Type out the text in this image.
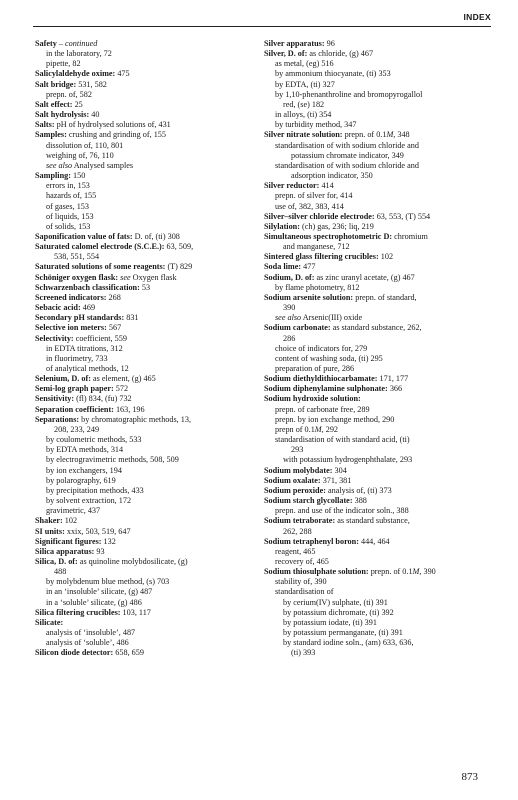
INDEX
Safety – continued
in the laboratory, 72
pipette, 82
Salicylaldehyde oxime: 475
Salt bridge: 531, 582
prepn. of, 582
Salt effect: 25
Salt hydrolysis: 40
Salts: pH of hydrolysed solutions of, 431
Samples: crushing and grinding of, 155
dissolution of, 110, 801
weighing of, 76, 110
see also Analysed samples
Sampling: 150
errors in, 153
hazards of, 155
of gases, 153
of liquids, 153
of solids, 153
Saponification value of fats: D. of, (ti) 308
Saturated calomel electrode (S.C.E.): 63, 509,
538, 551, 554
Saturated solutions of some reagents: (T) 829
Schöniger oxygen flask: see Oxygen flask
Schwarzenbach classification: 53
Screened indicators: 268
Sebacic acid: 469
Secondary pH standards: 831
Selective ion meters: 567
Selectivity: coefficient, 559
in EDTA titrations, 312
in fluorimetry, 733
of analytical methods, 12
Selenium, D. of: as element, (g) 465
Semi-log graph paper: 572
Sensitivity: (fl) 834, (fu) 732
Separation coefficient: 163, 196
Separations: by chromatographic methods, 13,
208, 233, 249
by coulometric methods, 533
by EDTA methods, 314
by electrogravimetric methods, 508, 509
by ion exchangers, 194
by polarography, 619
by precipitation methods, 433
by solvent extraction, 172
gravimetric, 437
Shaker: 102
SI units: xxix, 503, 519, 647
Significant figures: 132
Silica apparatus: 93
Silica, D. of: as quinoline molybdosilicate, (g)
488
by molybdenum blue method, (s) 703
in an ‘insoluble’ silicate, (g) 487
in a ‘soluble’ silicate, (g) 486
Silica filtering crucibles: 103, 117
Silicate:
analysis of ‘insoluble’, 487
analysis of ‘soluble’, 486
Silicon diode detector: 658, 659
Silver apparatus: 96
Silver, D. of: as chloride, (g) 467
as metal, (eg) 516
by ammonium thiocyanate, (ti) 353
by EDTA, (ti) 327
by 1,10-phenanthroline and bromopyrogallol
red, (se) 182
in alloys, (ti) 354
by turbidity method, 347
Silver nitrate solution: prepn. of 0.1M, 348
standardisation of with sodium chloride and
potassium chromate indicator, 349
standardisation of with sodium chloride and
adsorption indicator, 350
Silver reductor: 414
prepn. of silver for, 414
use of, 382, 383, 414
Silver–silver chloride electrode: 63, 553, (T) 554
Silylation: (ch) gas, 236; liq, 219
Simultaneous spectrophotometric D: chromium
and manganese, 712
Sintered glass filtering crucibles: 102
Soda lime: 477
Sodium, D. of: as zinc uranyl acetate, (g) 467
by flame photometry, 812
Sodium arsenite solution: prepn. of standard,
390
see also Arsenic(III) oxide
Sodium carbonate: as standard substance, 262,
286
choice of indicators for, 279
content of washing soda, (ti) 295
preparation of pure, 286
Sodium diethyldithiocarbamate: 171, 177
Sodium diphenylamine sulphonate: 366
Sodium hydroxide solution:
prepn. of carbonate free, 289
prepn. by ion exchange method, 290
prepn of 0.1M, 292
standardisation of with standard acid, (ti)
293
with potassium hydrogenphthalate, 293
Sodium molybdate: 304
Sodium oxalate: 371, 381
Sodium peroxide: analysis of, (ti) 373
Sodium starch glycollate: 388
prepn. and use of the indicator soln., 388
Sodium tetraborate: as standard substance,
262, 288
Sodium tetraphenyl boron: 444, 464
reagent, 465
recovery of, 465
Sodium thiosulphate solution: prepn. of 0.1M, 390
stability of, 390
standardisation of
by cerium(IV) sulphate, (ti) 391
by potassium dichromate, (ti) 392
by potassium iodate, (ti) 391
by potassium permanganate, (ti) 391
by standard iodine soln., (am) 633, 636,
(ti) 393
873
